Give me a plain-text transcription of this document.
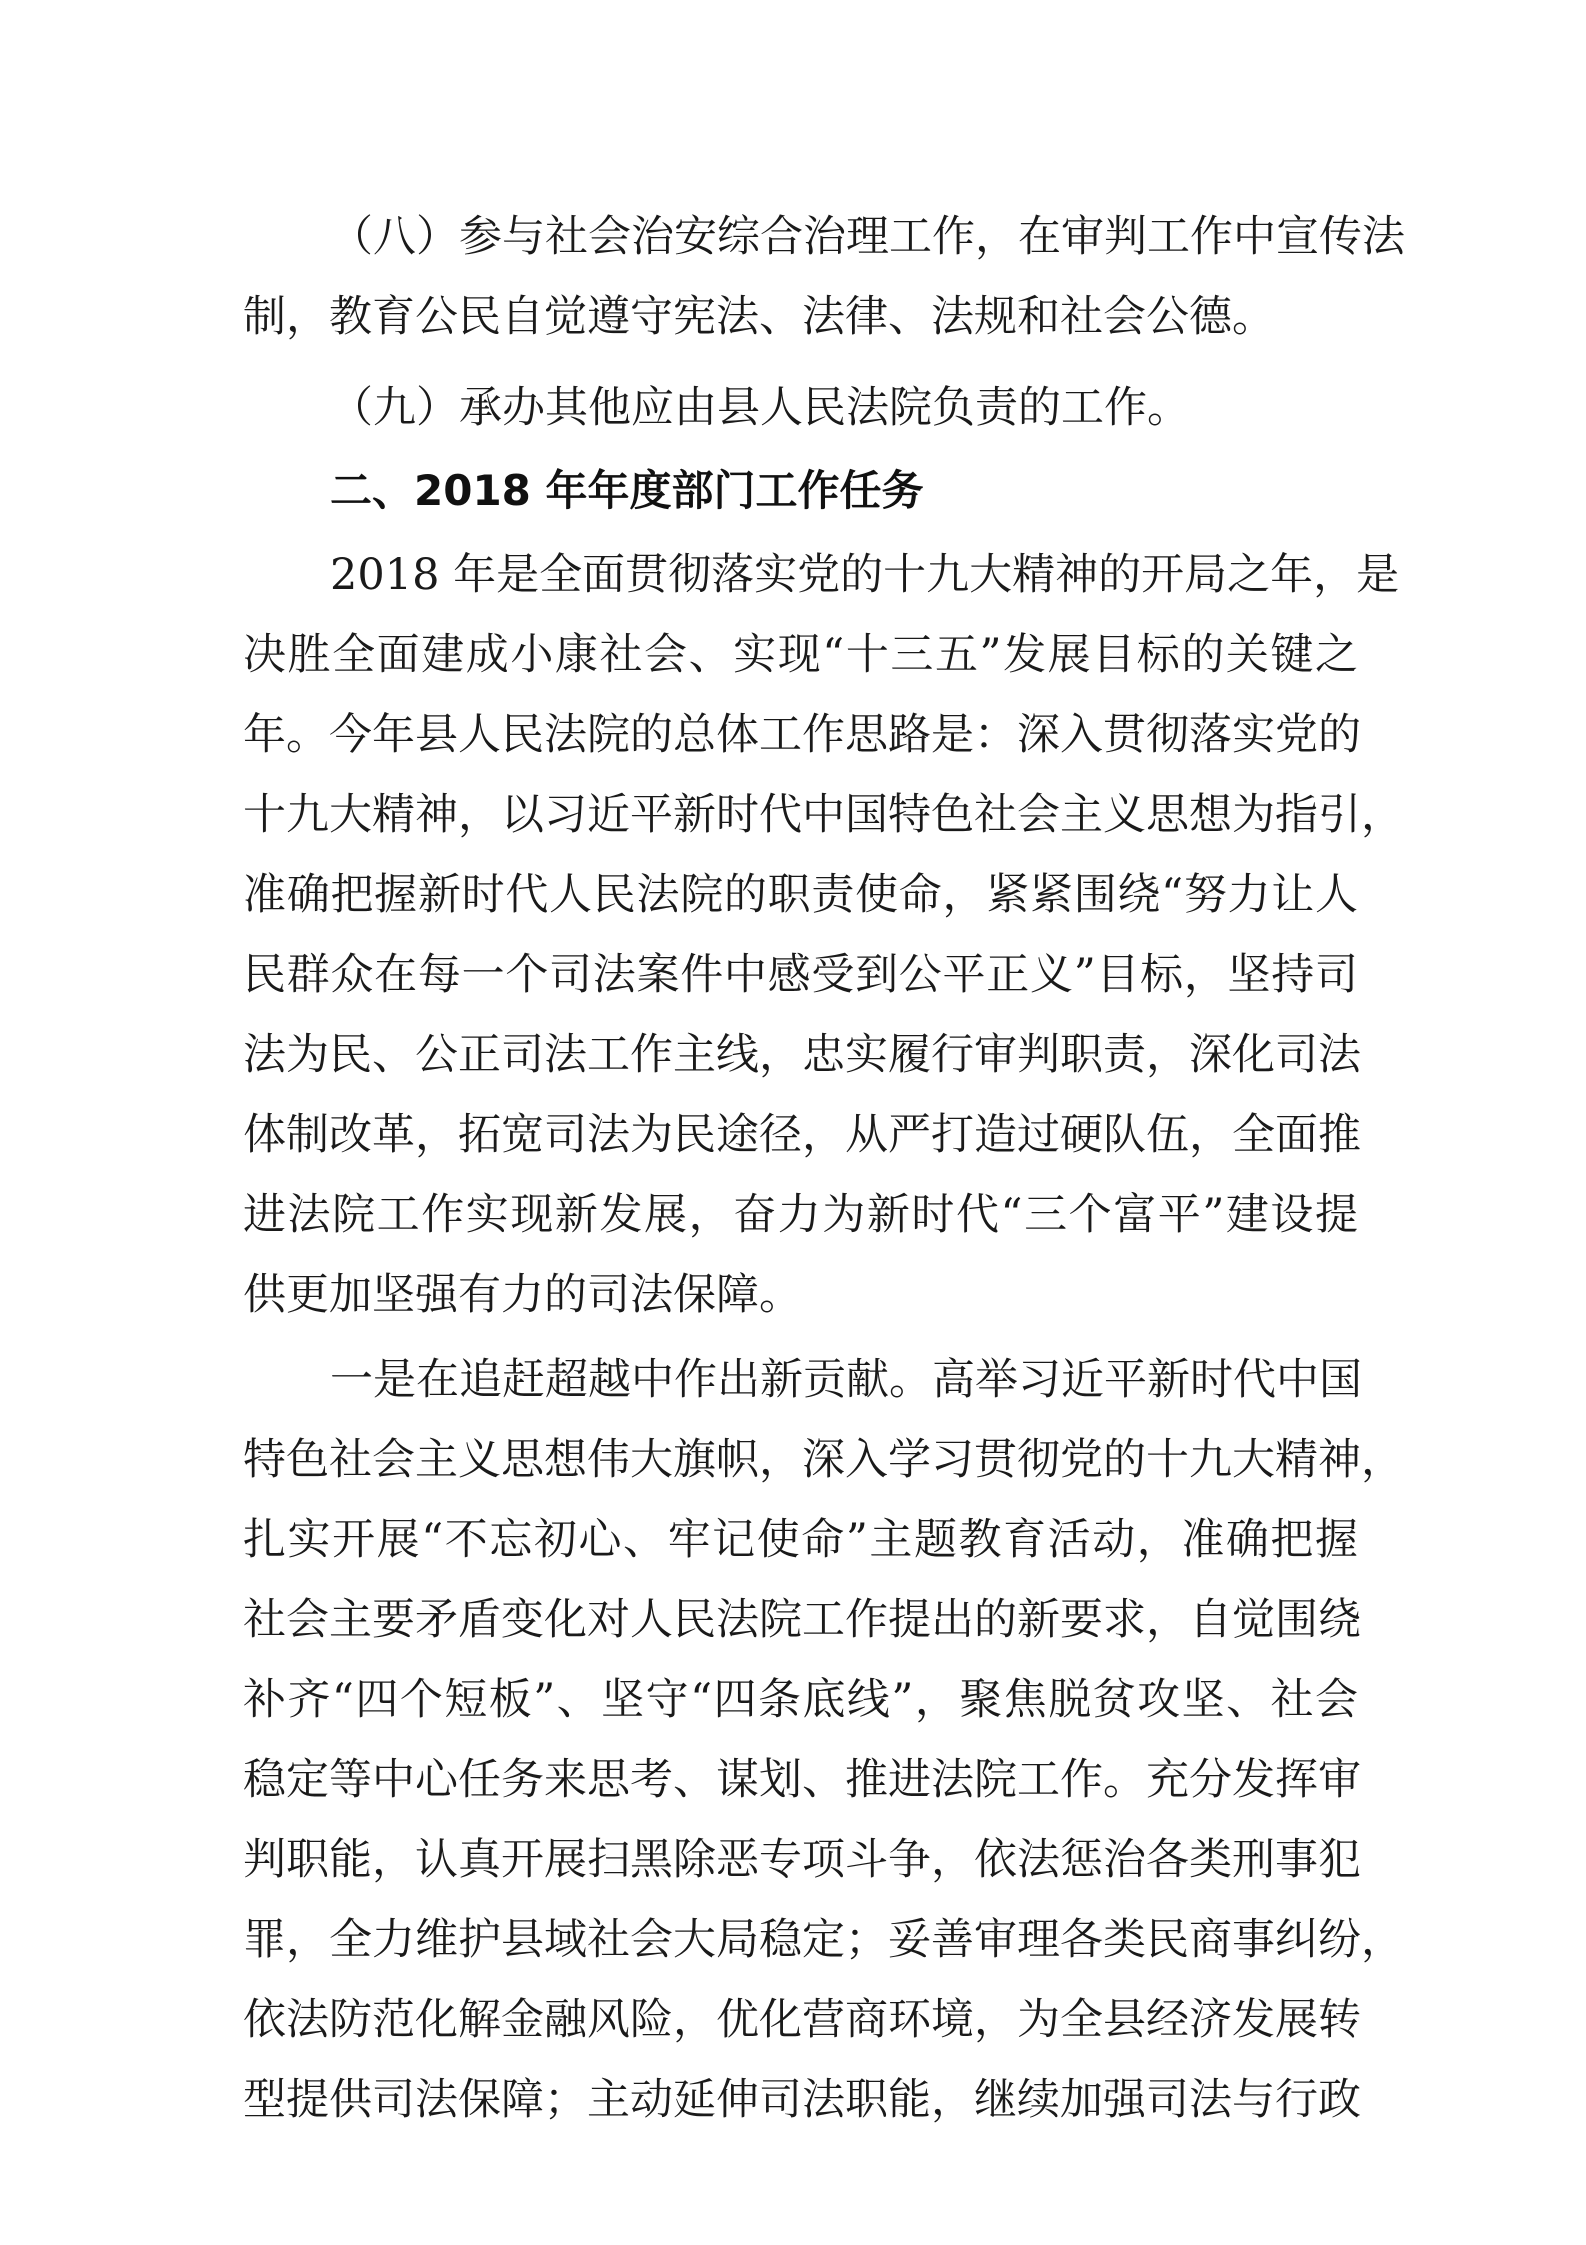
（八）参与社会治安综合治理工作，在审判工作中宣传法
制，教育公民自觉遵守宪法、法律、法规和社会公德。
（九）承办其他应由县人民法院负责的工作。
二、2018 年年度部门工作任务
2018 年是全面贯彻落实党的十九大精神的开局之年，是
决胜全面建成小康社会、实现“十三五”发展目标的关键之
年。今年县人民法院的总体工作思路是：深入贯彻落实党的
十九大精神，以习近平新时代中国特色社会主义思想为指引，
准确把握新时代人民法院的职责使命，紧紧围绕“努力让人
民群众在每一个司法案件中感受到公平正义”目标，坚持司
法为民、公正司法工作主线，忠实履行审判职责，深化司法
体制改革，拓宽司法为民途径，从严打造过硬队伍，全面推
进法院工作实现新发展，奋力为新时代“三个富平”建设提
供更加坚强有力的司法保障。
一是在追赶超越中作出新贡献。高举习近平新时代中国
特色社会主义思想伟大旗帜，深入学习贯彻党的十九大精神，
扎实开展“不忘初心、牢记使命”主题教育活动，准确把握
社会主要矛盾变化对人民法院工作提出的新要求，自觉围绕
补齐“四个短板”、坚守“四条底线”，聚焦脱贫攻坚、社会
稳定等中心任务来思考、谋划、推进法院工作。充分发挥审
判职能，认真开展扫黑除恶专项斗争，依法惩治各类刑事犯
罪，全力维护县域社会大局稳定；妥善审理各类民商事纠纷，
依法防范化解金融风险，优化营商环境，为全县经济发展转
型提供司法保障；主动延伸司法职能，继续加强司法与行政
